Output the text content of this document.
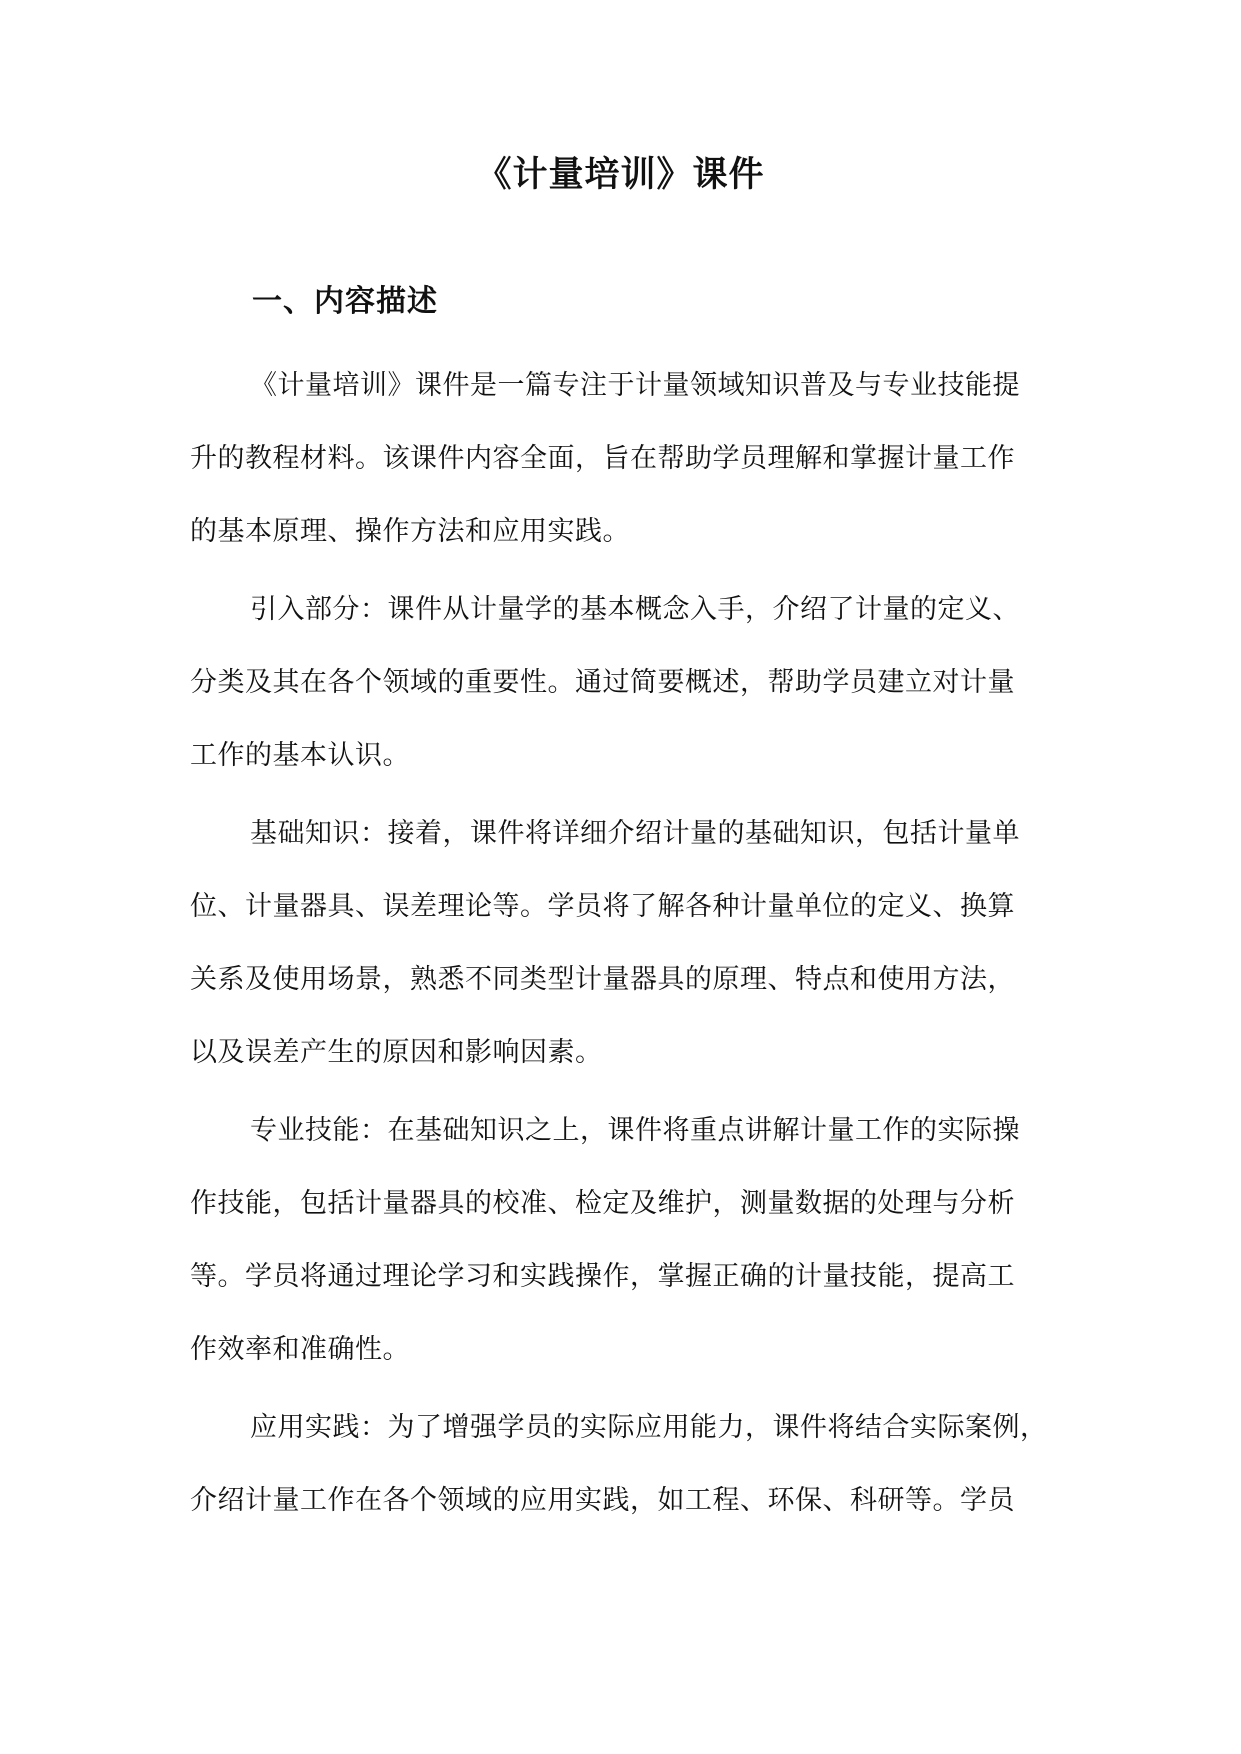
《计量培训》课件
一、内容描述
《计量培训》课件是一篇专注于计量领域知识普及与专业技能提
升的教程材料。该课件内容全面，旨在帮助学员理解和掌握计量工作
的基本原理、操作方法和应用实践。
引入部分：课件从计量学的基本概念入手，介绍了计量的定义、
分类及其在各个领域的重要性。通过简要概述，帮助学员建立对计量
工作的基本认识。
基础知识：接着，课件将详细介绍计量的基础知识，包括计量单
位、计量器具、误差理论等。学员将了解各种计量单位的定义、换算
关系及使用场景，熟悉不同类型计量器具的原理、特点和使用方法，
以及误差产生的原因和影响因素。
专业技能：在基础知识之上，课件将重点讲解计量工作的实际操
作技能，包括计量器具的校准、检定及维护，测量数据的处理与分析
等。学员将通过理论学习和实践操作，掌握正确的计量技能，提高工
作效率和准确性。
应用实践：为了增强学员的实际应用能力，课件将结合实际案例，
介绍计量工作在各个领域的应用实践，如工程、环保、科研等。学员
